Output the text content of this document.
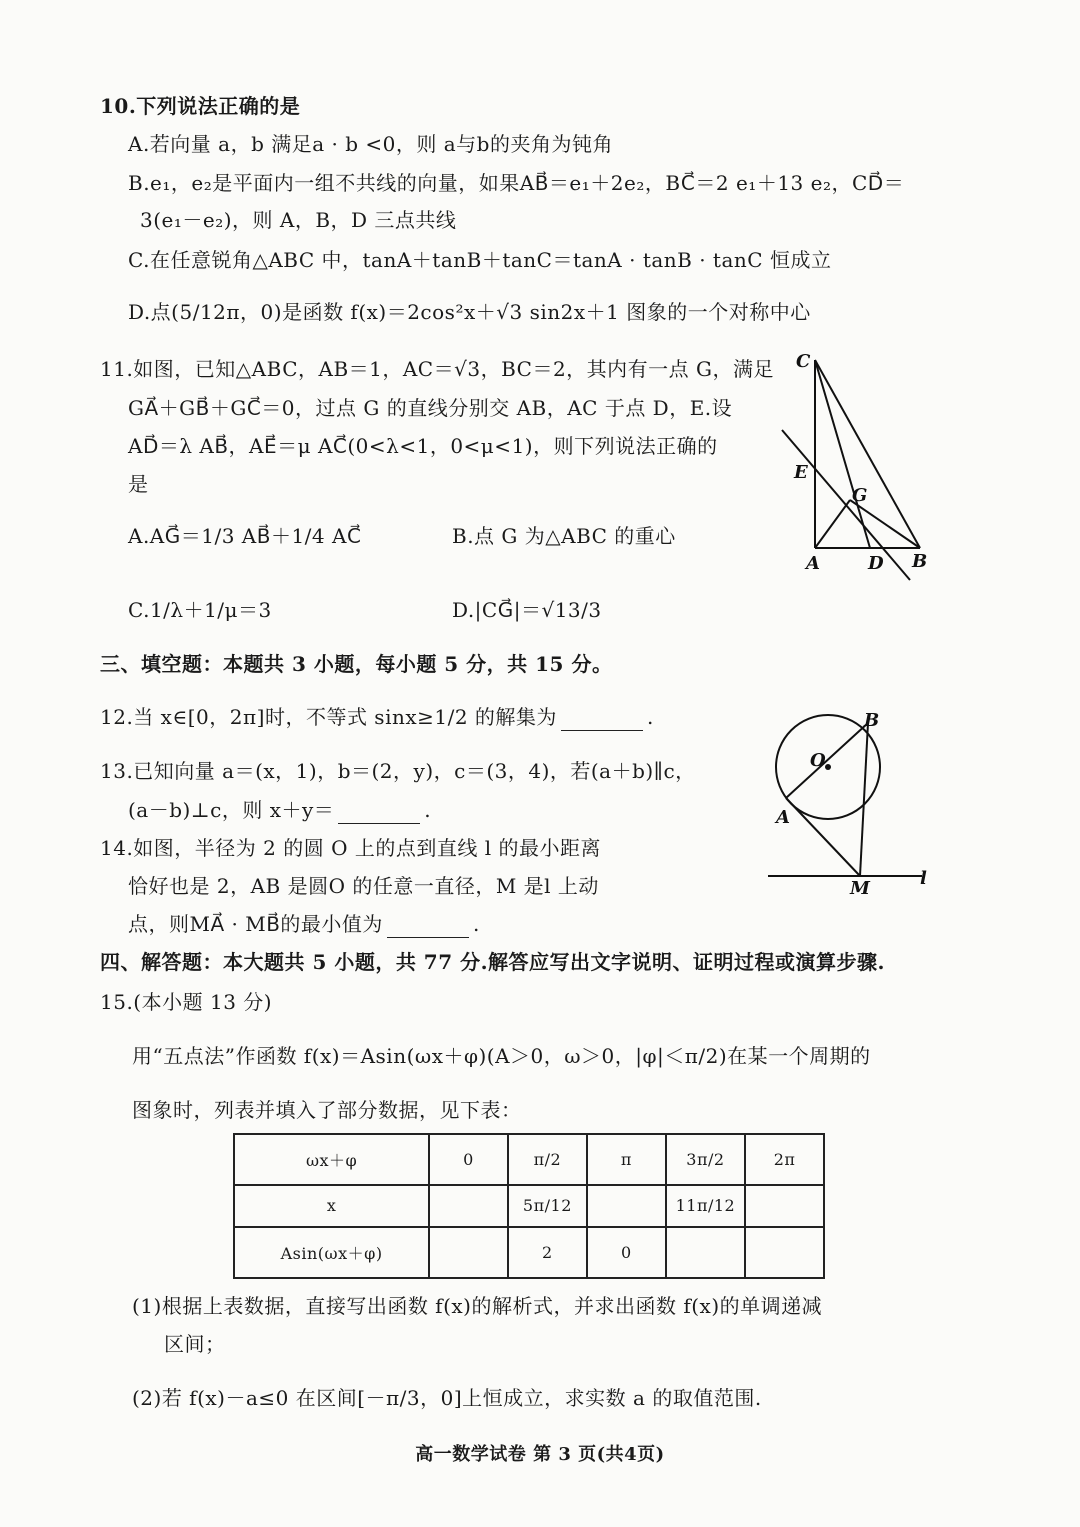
10.下列说法正确的是
A.若向量 a，b 满足a · b <0，则 a与b的夹角为钝角
B.e₁，e₂是平面内一组不共线的向量，如果AB⃗＝e₁＋2e₂，BC⃗＝2 e₁＋13 e₂，CD⃗＝
3(e₁－e₂)，则 A，B，D 三点共线
C.在任意锐角△ABC 中，tanA＋tanB＋tanC＝tanA · tanB · tanC 恒成立
D.点(5/12π，0)是函数 f(x)＝2cos²x＋√3 sin2x＋1 图象的一个对称中心
11.如图，已知△ABC，AB＝1，AC＝√3，BC＝2，其内有一点 G，满足
GA⃗＋GB⃗＋GC⃗＝0，过点 G 的直线分别交 AB，AC 于点 D，E.设
AD⃗＝λ AB⃗，AE⃗＝μ AC⃗(0<λ<1，0<μ<1)，则下列说法正确的
是
A.AG⃗＝1/3 AB⃗＋1/4 AC⃗	B.点 G 为△ABC 的重心
C.1/λ＋1/μ＝3	D.|CG⃗|＝√13/3
C
E
G
A	D B
三、填空题：本题共 3 小题，每小题 5 分，共 15 分。
12.当 x∈[0，2π]时，不等式 sinx≥1/2 的解集为	.
13.已知向量 a＝(x，1)，b＝(2，y)，c＝(3，4)，若(a＋b)∥c，
(a－b)⊥c，则 x＋y＝	.
14.如图，半径为 2 的圆 O 上的点到直线 l 的最小距离
恰好也是 2，AB 是圆O 的任意一直径，M 是l 上动
点，则MA⃗ · MB⃗的最小值为	.
O
B
A
M	l
四、解答题：本大题共 5 小题，共 77 分.解答应写出文字说明、证明过程或演算步骤.
15.(本小题 13 分)
用“五点法”作函数 f(x)＝Asin(ωx＋φ)(A＞0，ω＞0，|φ|＜π/2)在某一个周期的
图象时，列表并填入了部分数据，见下表：
ωx＋φ	0	π/2	π	3π/2	2π
x		5π/12		11π/12	
Asin(ωx＋φ)		2	0		
(1)根据上表数据，直接写出函数 f(x)的解析式，并求出函数 f(x)的单调递减
区间；
(2)若 f(x)－a≤0 在区间[－π/3，0]上恒成立，求实数 a 的取值范围.
高一数学试卷 第 3 页(共4页)
